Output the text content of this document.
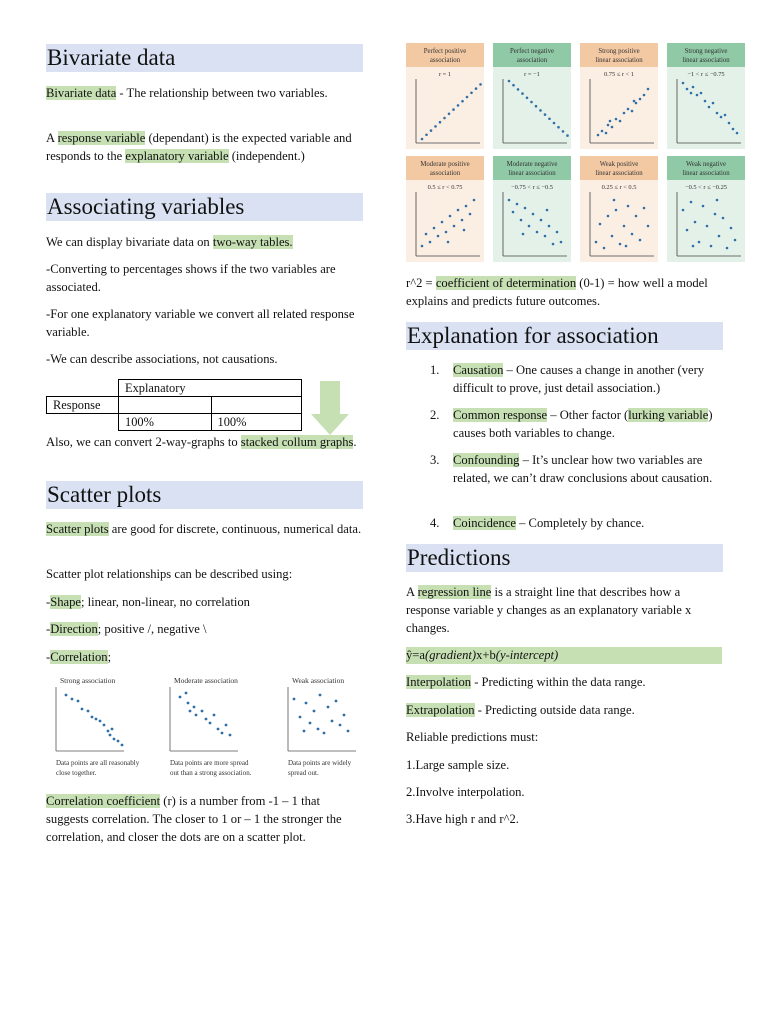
Bivariate data

Bivariate data - The relationship between two variables.

A response variable (dependant) is the expected variable and responds to the explanatory variable (independent.)

Associating variables

We can display bivariate data on two-way tables.

-Converting to percentages shows if the two variables are associated.

-For one explanatory variable we convert all related response variable.

-We can describe associations, not causations.

	Explanatory	
Response		
	100%	100%

Also, we can convert 2-way-graphs to stacked collum graphs.

Scatter plots

Scatter plots are good for discrete, continuous, numerical data.

Scatter plot relationships can be described using:

-Shape; linear, non-linear, no correlation

-Direction; positive /, negative \

-Correlation;

Strong association
Data points are all reasonably
close together.
Moderate association
Data points are more spread
out than a strong association.
Weak association
Data points are widely
spread out.

Correlation coefficient (r) is a number from -1 – 1 that suggests correlation. The closer to 1 or – 1 the stronger the correlation, and closer the dots are on a scatter plot.

Perfect positive
association
r = 1
Perfect negative
association
r = −1
Strong positive
linear association
0.75 ≤ r < 1
Strong negative
linear association
−1 < r ≤ −0.75
Moderate positive
association
0.5 ≤ r < 0.75
Moderate negative
linear association
−0.75 < r ≤ −0.5
Weak positive
linear association
0.25 ≤ r < 0.5
Weak negative
linear association
−0.5 < r ≤ −0.25

r^2 = coefficient of determination (0-1) = how well a model explains and predicts future outcomes.

Explanation for association
1. Causation – One causes a change in another (very difficult to prove, just detail association.)
2. Common response – Other factor (lurking variable) causes both variables to change.
3. Confounding – It’s unclear how two variables are related, we can’t draw conclusions about causation.
4. Coincidence – Completely by chance.
Predictions

A regression line is a straight line that describes how a response variable y changes as an explanatory variable x changes.

ŷ=a(gradient)x+b(y-intercept)

Interpolation - Predicting within the data range.

Extrapolation - Predicting outside data range.

Reliable predictions must:

1.Large sample size.

2.Involve interpolation.

3.Have high r and r^2.
